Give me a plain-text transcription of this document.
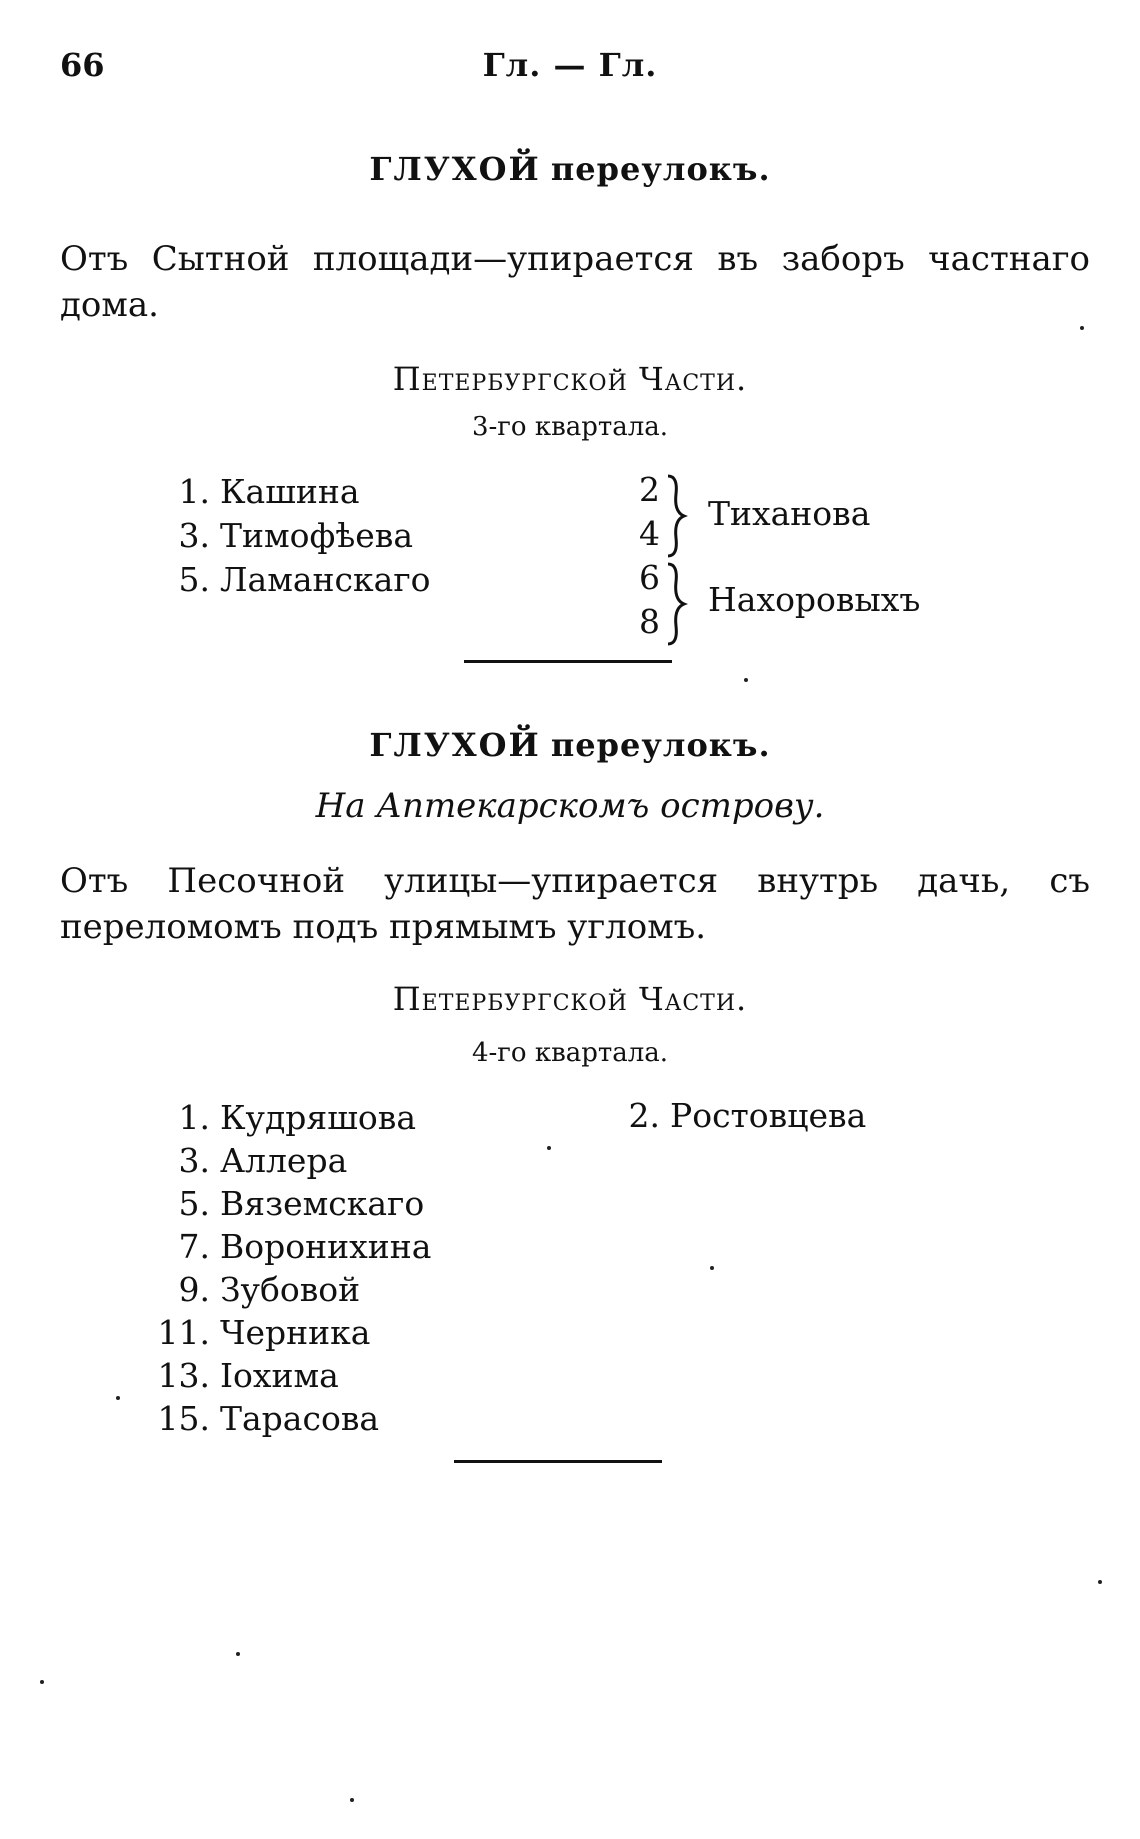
66	Гл. — Гл.
ГЛУХОЙ переулокъ.
Отъ Сытной площади—упирается въ заборъ частнаго дома.
Петербургской Части.
3-го квартала.
1. Кашина
3. Тимофѣева
5. Ламанскаго
2
4
Тиханова
6
8
Нахоровыхъ
ГЛУХОЙ переулокъ.
На Аптекарскомъ острову.
Отъ Песочной улицы—упирается внутрь дачь, съ переломомъ подъ прямымъ угломъ.
Петербургской Части.
4-го квартала.
1. Кудряшова
3. Аллера
5. Вяземскаго
7. Воронихина
9. Зубовой
11. Черника
13. Іохима
15. Тарасова
2. Ростовцева
